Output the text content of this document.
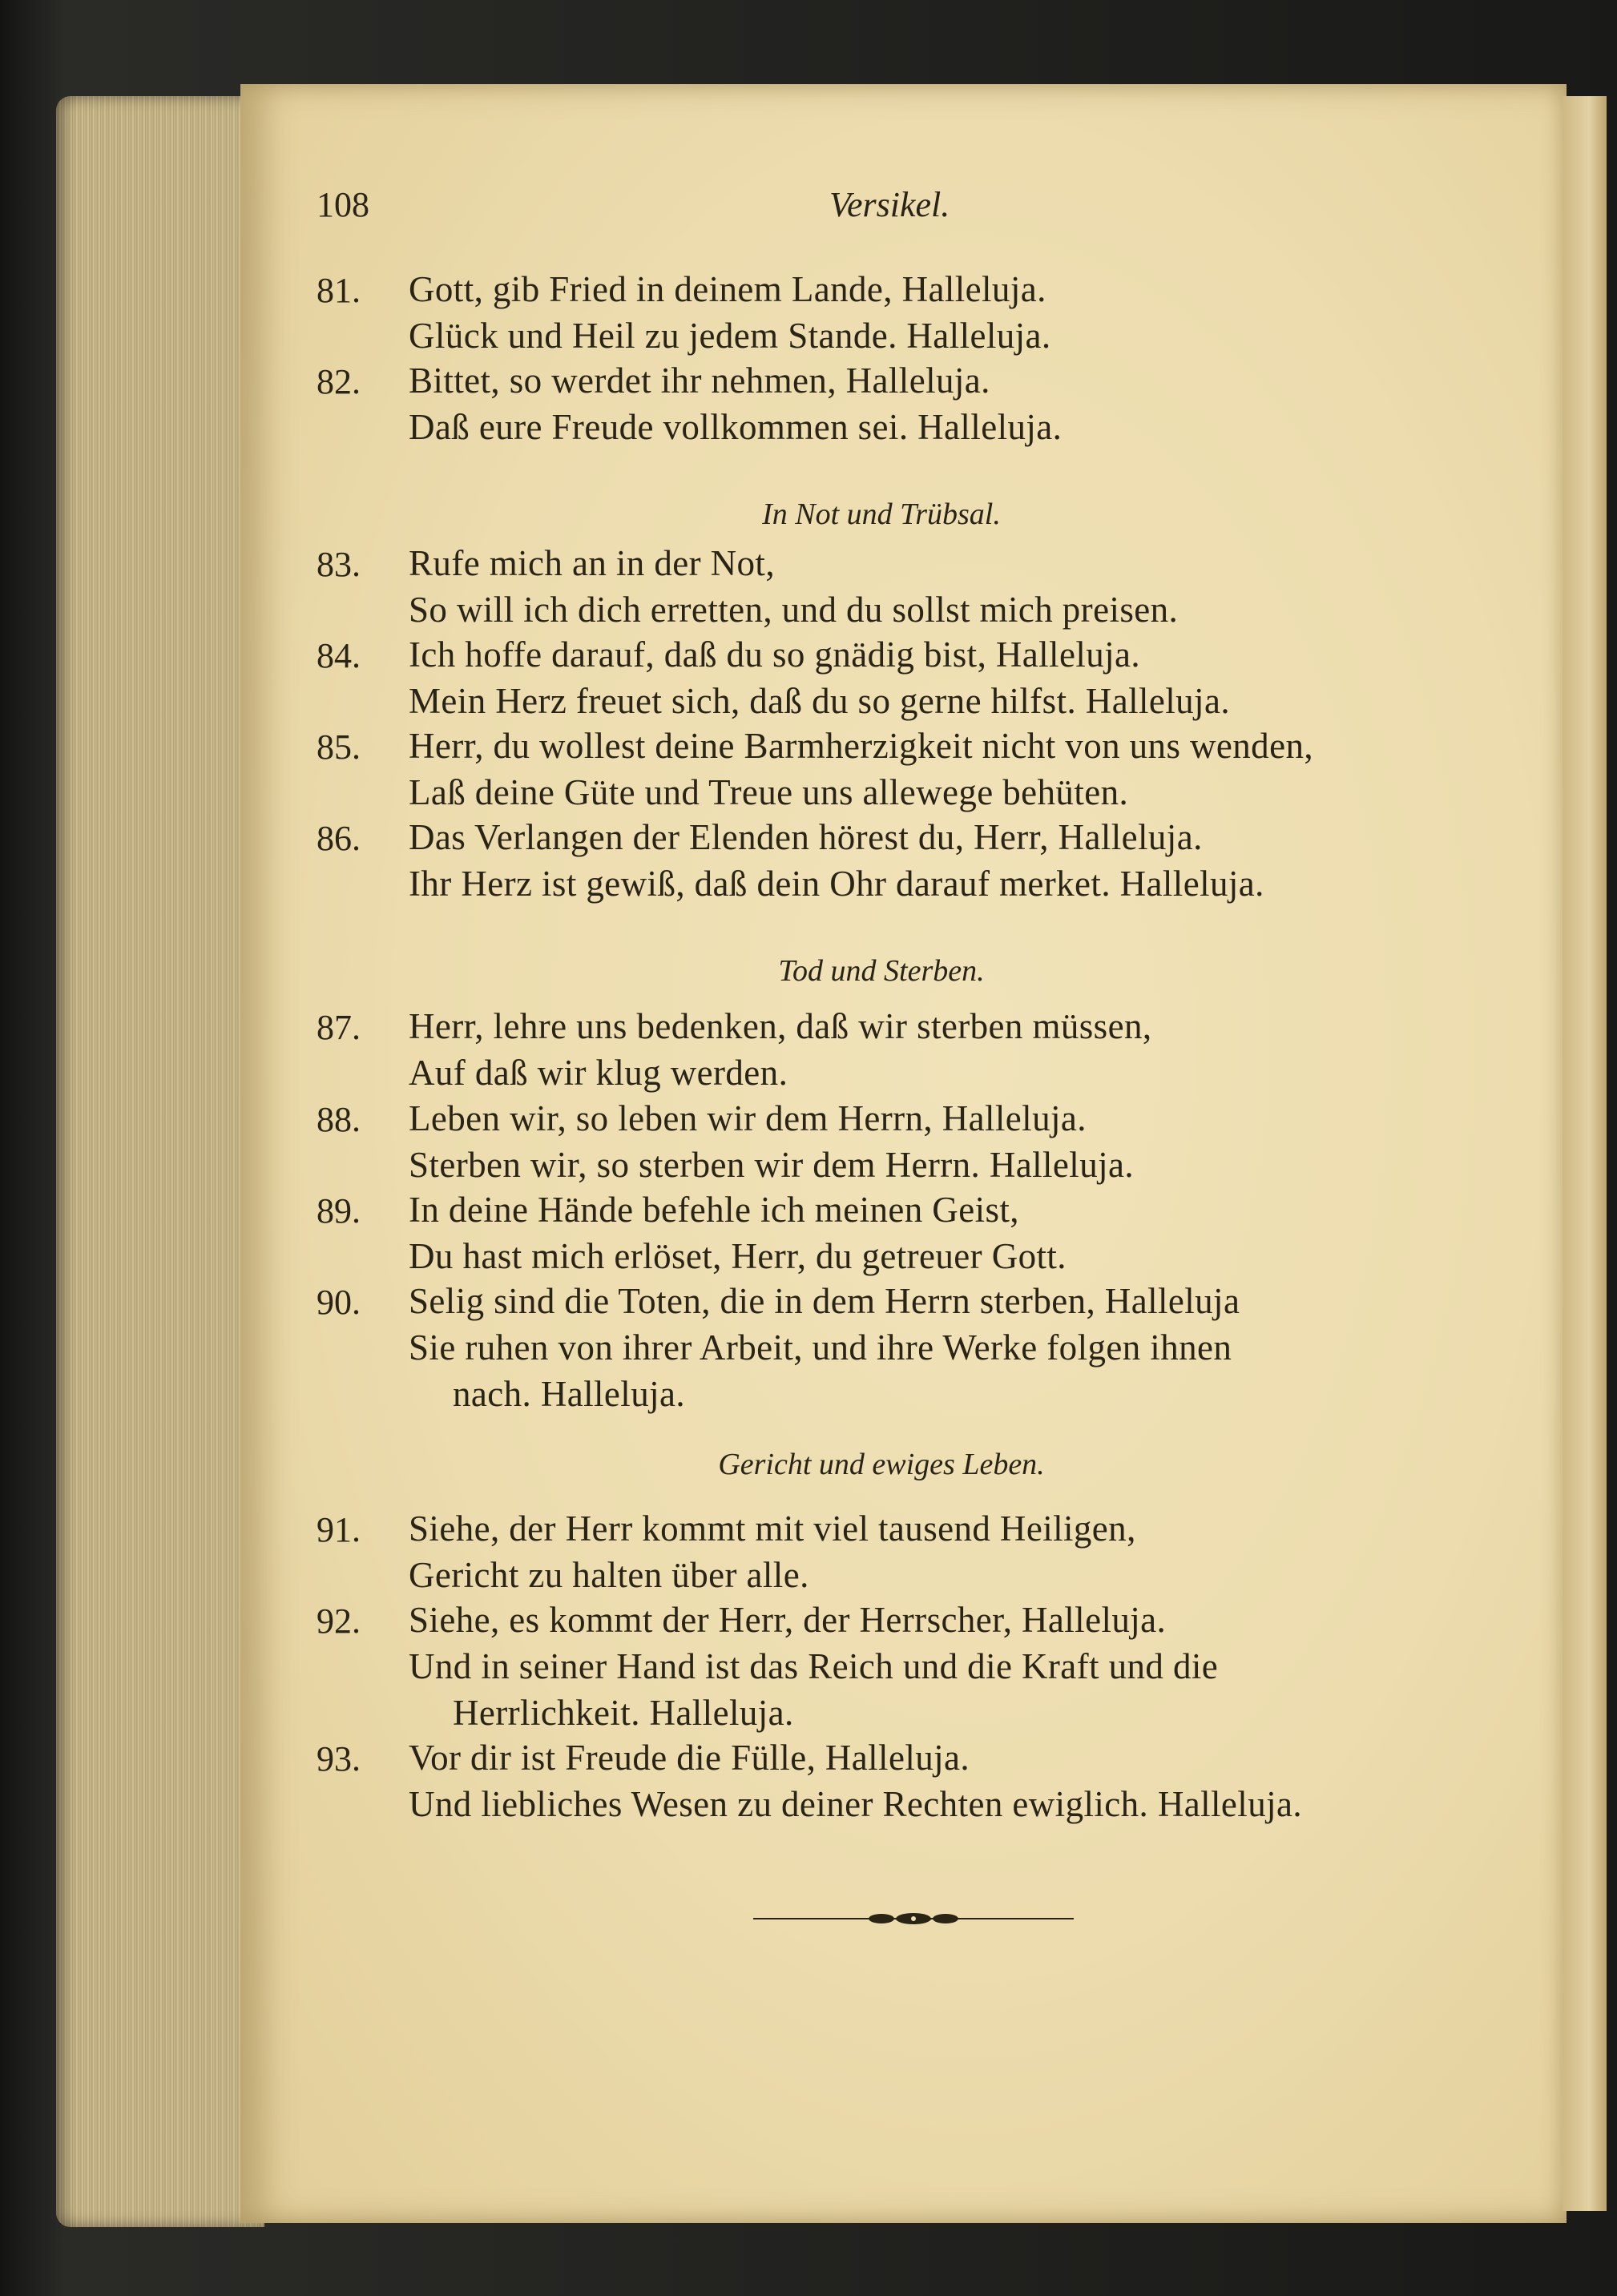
108	Versikel.
81. Gott, gib Fried in deinem Lande, Halleluja.
Glück und Heil zu jedem Stande. Halleluja.
82. Bittet, so werdet ihr nehmen, Halleluja.
Daß eure Freude vollkommen sei. Halleluja.
In Not und Trübsal.
83. Rufe mich an in der Not,
So will ich dich erretten, und du sollst mich preisen.
84. Ich hoffe darauf, daß du so gnädig bist, Halleluja.
Mein Herz freuet sich, daß du so gerne hilfst. Halleluja.
85. Herr, du wollest deine Barmherzigkeit nicht von uns wenden,
Laß deine Güte und Treue uns allewege behüten.
86. Das Verlangen der Elenden hörest du, Herr, Halleluja.
Ihr Herz ist gewiß, daß dein Ohr darauf merket. Halleluja.
Tod und Sterben.
87. Herr, lehre uns bedenken, daß wir sterben müssen,
Auf daß wir klug werden.
88. Leben wir, so leben wir dem Herrn, Halleluja.
Sterben wir, so sterben wir dem Herrn. Halleluja.
89. In deine Hände befehle ich meinen Geist,
Du hast mich erlöset, Herr, du getreuer Gott.
90. Selig sind die Toten, die in dem Herrn sterben, Halleluja
Sie ruhen von ihrer Arbeit, und ihre Werke folgen ihnen
nach. Halleluja.
Gericht und ewiges Leben.
91. Siehe, der Herr kommt mit viel tausend Heiligen,
Gericht zu halten über alle.
92. Siehe, es kommt der Herr, der Herrscher, Halleluja.
Und in seiner Hand ist das Reich und die Kraft und die
Herrlichkeit. Halleluja.
93. Vor dir ist Freude die Fülle, Halleluja.
Und liebliches Wesen zu deiner Rechten ewiglich. Halleluja.
